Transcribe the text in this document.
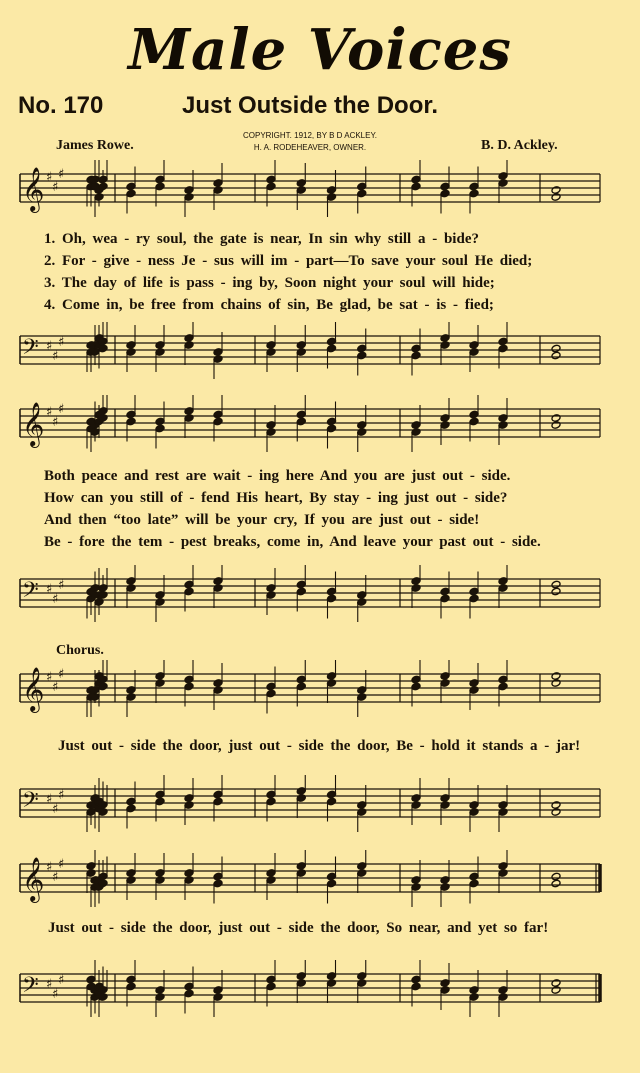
Male Voices
No. 170	Just Outside the Door.
James Rowe.
COPYRIGHT. 1912, BY B D ACKLEY.
H. A. RODEHEAVER, OWNER.	B. D. Ackley.
𝄞 ♯
♯
♯
1. Oh, wea - ry soul, the gate is near, In sin why still a - bide?
2. For - give - ness Je - sus will im - part—To save your soul He died;
3. The day of life is pass - ing by, Soon night your soul will hide;
4. Come in, be free from chains of sin, Be glad, be sat - is - fied;
𝄢 ♯
♯
♯
𝄞 ♯
♯
♯
Both peace and rest are wait - ing here And you are just out - side.
How can you still of - fend His heart, By stay - ing just out - side?
And then “too late” will be your cry, If you are just out - side!
Be - fore the tem - pest breaks, come in, And leave your past out - side.
𝄢 ♯
♯
♯
Chorus.
𝄞 ♯
♯
♯
Just out - side the door, just out - side the door, Be - hold it stands a - jar!
𝄢 ♯
♯
♯
𝄞 ♯
♯
♯
Just out - side the door, just out - side the door, So near, and yet so far!
𝄢 ♯
♯
♯
